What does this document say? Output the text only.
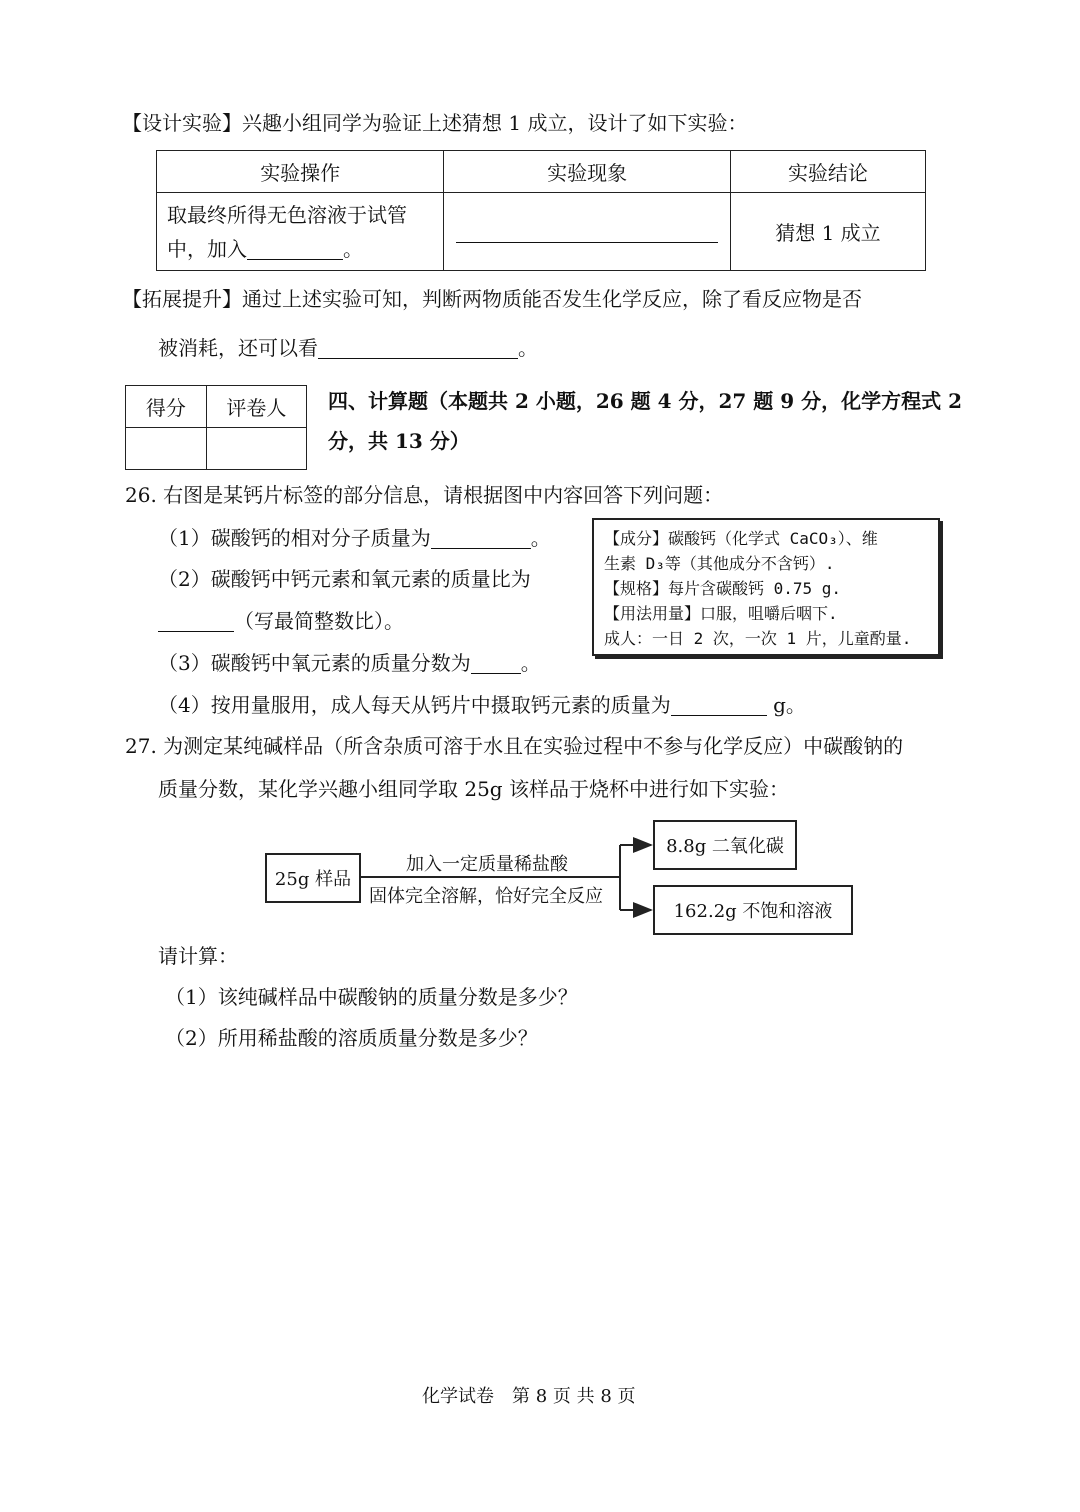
【设计实验】兴趣小组同学为验证上述猜想 1 成立，设计了如下实验：
实验操作	实验现象	实验结论

取最终所得无色溶液于试管
中，加入 。		猜想 1 成立
【拓展提升】通过上述实验可知，判断两物质能否发生化学反应，除了看反应物是否
被消耗，还可以看	。
得分	评卷人
	四、计算题（本题共 2 小题，26 题 4 分，27 题 9 分，化学方程式 2
分，共 13 分）
26. 右图是某钙片标签的部分信息，请根据图中内容回答下列问题：
（1）碳酸钙的相对分子质量为	。
（2）碳酸钙中钙元素和氧元素的质量比为
（写最简整数比）。
（3）碳酸钙中氧元素的质量分数为	。
（4）按用量服用，成人每天从钙片中摄取钙元素的质量为	g。
【成分】碳酸钙（化学式 CaCO₃）、维
生素 D₃等（其他成分不含钙）.
【规格】每片含碳酸钙 0.75 g.
【用法用量】口服，咀嚼后咽下.
成人：一日 2 次，一次 1 片，儿童酌量.
27. 为测定某纯碱样品（所含杂质可溶于水且在实验过程中不参与化学反应）中碳酸钠的
质量分数，某化学兴趣小组同学取 25g 该样品于烧杯中进行如下实验：
25g 样品
8.8g 二氧化碳
162.2g 不饱和溶液
加入一定质量稀盐酸
固体完全溶解，恰好完全反应
请计算：
（1）该纯碱样品中碳酸钠的质量分数是多少？
（2）所用稀盐酸的溶质质量分数是多少？
化学试卷　第 8 页 共 8 页
